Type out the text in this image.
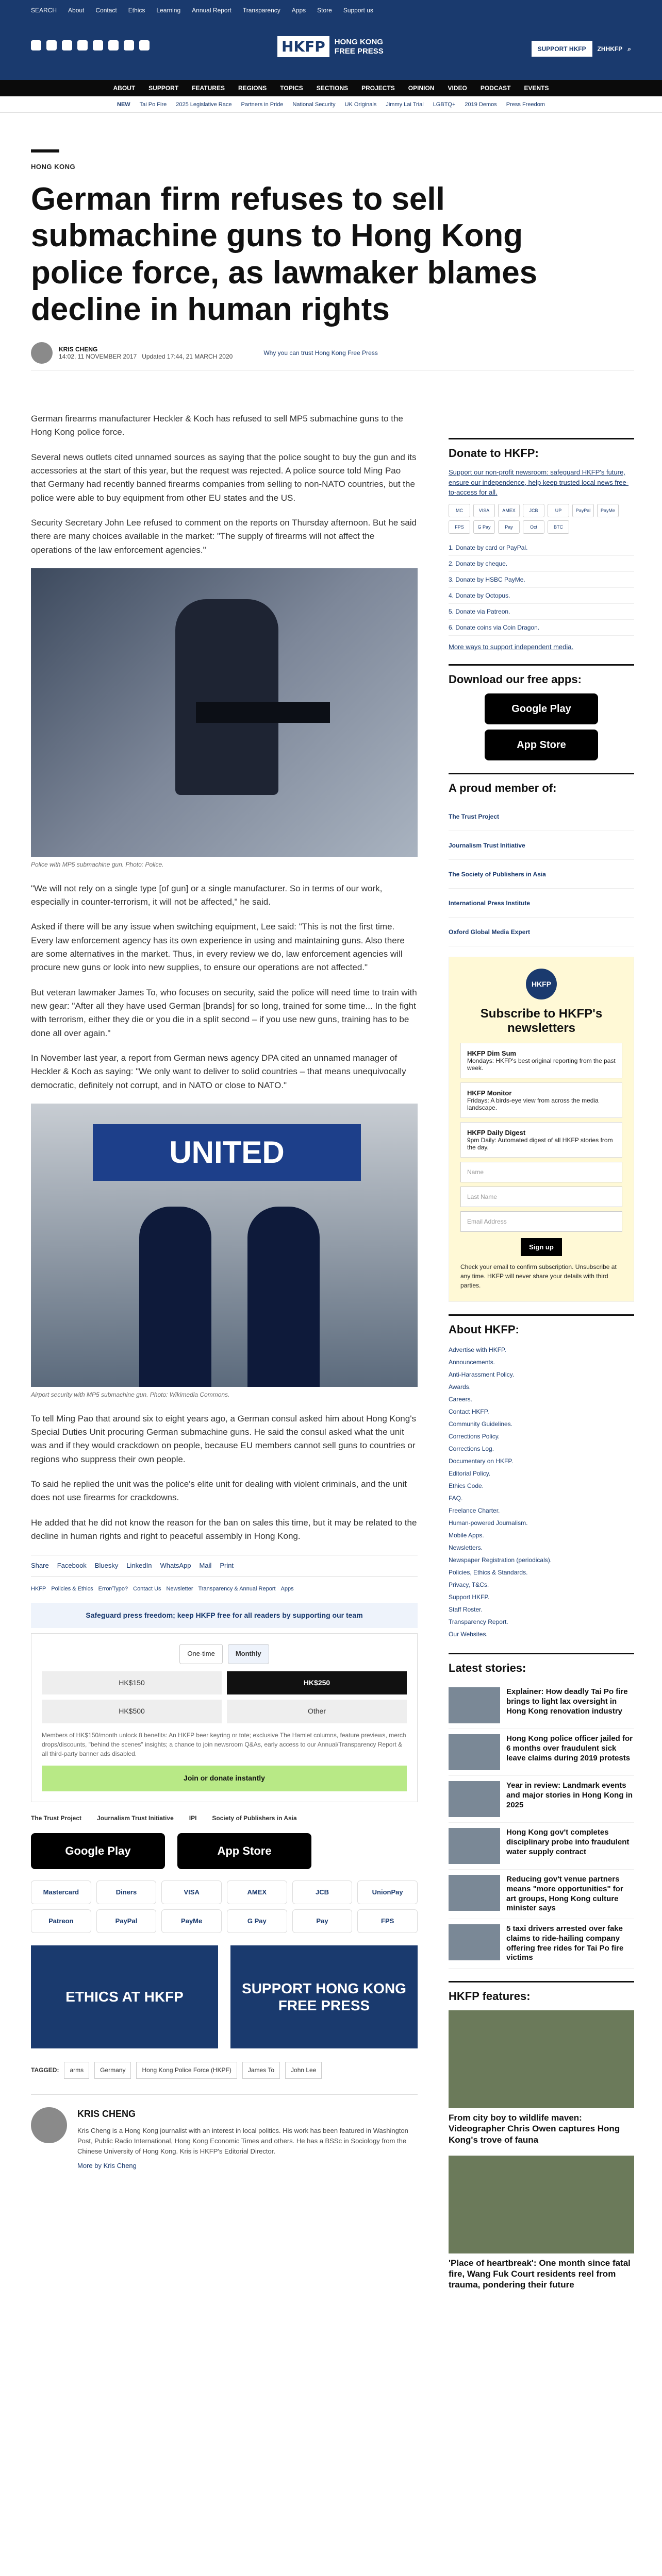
SEARCH About Contact Ethics Learning Annual Report Transparency Apps Store Support us
HKFP	HONG KONG
FREE PRESS	SUPPORT HKFP	ZHHKFP ⌕
ABOUT SUPPORT FEATURES REGIONS TOPICS SECTIONS PROJECTS OPINION VIDEO PODCAST EVENTS
NEW Tai Po Fire 2025 Legislative Race Partners in Pride National Security UK Originals Jimmy Lai Trial LGBTQ+ 2019 Demos Press Freedom
HONG KONG
German firm refuses to sell submachine guns to Hong Kong police force, as lawmaker blames decline in human rights
KRIS CHENG
14:02, 11 NOVEMBER 2017 Updated 17:44, 21 MARCH 2020	Why you can trust Hong Kong Free Press

German firearms manufacturer Heckler & Koch has refused to sell MP5 submachine guns to the Hong Kong police force.

Several news outlets cited unnamed sources as saying that the police sought to buy the gun and its accessories at the start of this year, but the request was rejected. A police source told Ming Pao that Germany had recently banned firearms companies from selling to non-NATO countries, but the police were able to buy equipment from other EU states and the US.

Security Secretary John Lee refused to comment on the reports on Thursday afternoon. But he said there are many choices available in the market: "The supply of firearms will not affect the operations of the law enforcement agencies."

Police with MP5 submachine gun. Photo: Police.

"We will not rely on a single type [of gun] or a single manufacturer. So in terms of our work, especially in counter-terrorism, it will not be affected," he said.

Asked if there will be any issue when switching equipment, Lee said: "This is not the first time. Every law enforcement agency has its own experience in using and maintaining guns. Also there are some alternatives in the market. Thus, in every review we do, law enforcement agencies will procure new guns or look into new supplies, to ensure our operations are not affected."

But veteran lawmaker James To, who focuses on security, said the police will need time to train with new gear: "After all they have used German [brands] for so long, trained for some time... In the fight with terrorism, either they die or you die in a split second – if you use new guns, training has to be done all over again."

In November last year, a report from German news agency DPA cited an unnamed manager of Heckler & Koch as saying: "We only want to deliver to solid countries – that means unequivocally democratic, definitely not corrupt, and in NATO or close to NATO."

UNITED
Airport security with MP5 submachine gun. Photo: Wikimedia Commons.

To tell Ming Pao that around six to eight years ago, a German consul asked him about Hong Kong's Special Duties Unit procuring German submachine guns. He said the consul asked what the unit was and if they would crackdown on people, because EU members cannot sell guns to countries or regions who suppress their own people.

To said he replied the unit was the police's elite unit for dealing with violent criminals, and the unit does not use firearms for crackdowns.

He added that he did not know the reason for the ban on sales this time, but it may be related to the decline in human rights and right to peaceful assembly in Hong Kong.

Share Facebook Bluesky LinkedIn WhatsApp Mail Print
HKFP Policies & Ethics Error/Typo? Contact Us Newsletter Transparency & Annual Report Apps
Safeguard press freedom; keep HKFP free for all readers by supporting our team
One-time	Monthly
HK$150	HK$250
HK$500	Other
Members of HK$150/month unlock 8 benefits: An HKFP beer keyring or tote; exclusive The Hamlet columns, feature previews, merch drops/discounts, "behind the scenes" insights; a chance to join newsroom Q&As, early access to our Annual/Transparency Report & all third-party banner ads disabled.
Join or donate instantly
The Trust Project	Journalism Trust Initiative	IPI	Society of Publishers in Asia
Google Play	App Store
Mastercard	Diners	VISA	AMEX	JCB	UnionPay
Patreon	PayPal	PayMe	G Pay	Pay	FPS
ETHICS AT HKFP
SUPPORT HONG KONG FREE PRESS
TAGGED:	arms	Germany	Hong Kong Police Force (HKPF)	James To	John Lee
KRIS CHENG
Kris Cheng is a Hong Kong journalist with an interest in local politics. His work has been featured in Washington Post, Public Radio International, Hong Kong Economic Times and others. He has a BSSc in Sociology from the Chinese University of Hong Kong. Kris is HKFP's Editorial Director.
More by Kris Cheng
Donate to HKFP:

Support our non-profit newsroom: safeguard HKFP's future, ensure our independence, help keep trusted local news free-to-access for all.

MC	VISA	AMEX	JCB	UP	PayPal	PayMe
FPS	G Pay	Pay	Oct	BTC
1. Donate by card or PayPal.
2. Donate by cheque.
3. Donate by HSBC PayMe.
4. Donate by Octopus.
5. Donate via Patreon.
6. Donate coins via Coin Dragon.

More ways to support independent media.

Download our free apps:
Google Play
App Store
A proud member of:
The Trust Project
Journalism Trust Initiative
The Society of Publishers in Asia
International Press Institute
Oxford Global Media Expert
HKFP
Subscribe to HKFP's newsletters
HKFP Dim Sum
Mondays: HKFP's best original reporting from the past week.
HKFP Monitor
Fridays: A birds-eye view from across the media landscape.
HKFP Daily Digest
9pm Daily: Automated digest of all HKFP stories from the day.
Name
Last Name
Email Address
Sign up

Check your email to confirm subscription. Unsubscribe at any time. HKFP will never share your details with third parties.

About HKFP:
Advertise with HKFP.
Announcements.
Anti-Harassment Policy.
Awards.
Careers.
Contact HKFP.
Community Guidelines.
Corrections Policy.
Corrections Log.
Documentary on HKFP.
Editorial Policy.
Ethics Code.
FAQ.
Freelance Charter.
Human-powered Journalism.
Mobile Apps.
Newsletters.
Newspaper Registration (periodicals).
Policies, Ethics & Standards.
Privacy, T&Cs.
Support HKFP.
Staff Roster.
Transparency Report.
Our Websites.
Latest stories:
Explainer: How deadly Tai Po fire brings to light lax oversight in Hong Kong renovation industry
Hong Kong police officer jailed for 6 months over fraudulent sick leave claims during 2019 protests
Year in review: Landmark events and major stories in Hong Kong in 2025
Hong Kong gov't completes disciplinary probe into fraudulent water supply contract
Reducing gov't venue partners means "more opportunities" for art groups, Hong Kong culture minister says
5 taxi drivers arrested over fake claims to ride-hailing company offering free rides for Tai Po fire victims
HKFP features:
From city boy to wildlife maven: Videographer Chris Owen captures Hong Kong's trove of fauna
'Place of heartbreak': One month since fatal fire, Wang Fuk Court residents reel from trauma, pondering their future
